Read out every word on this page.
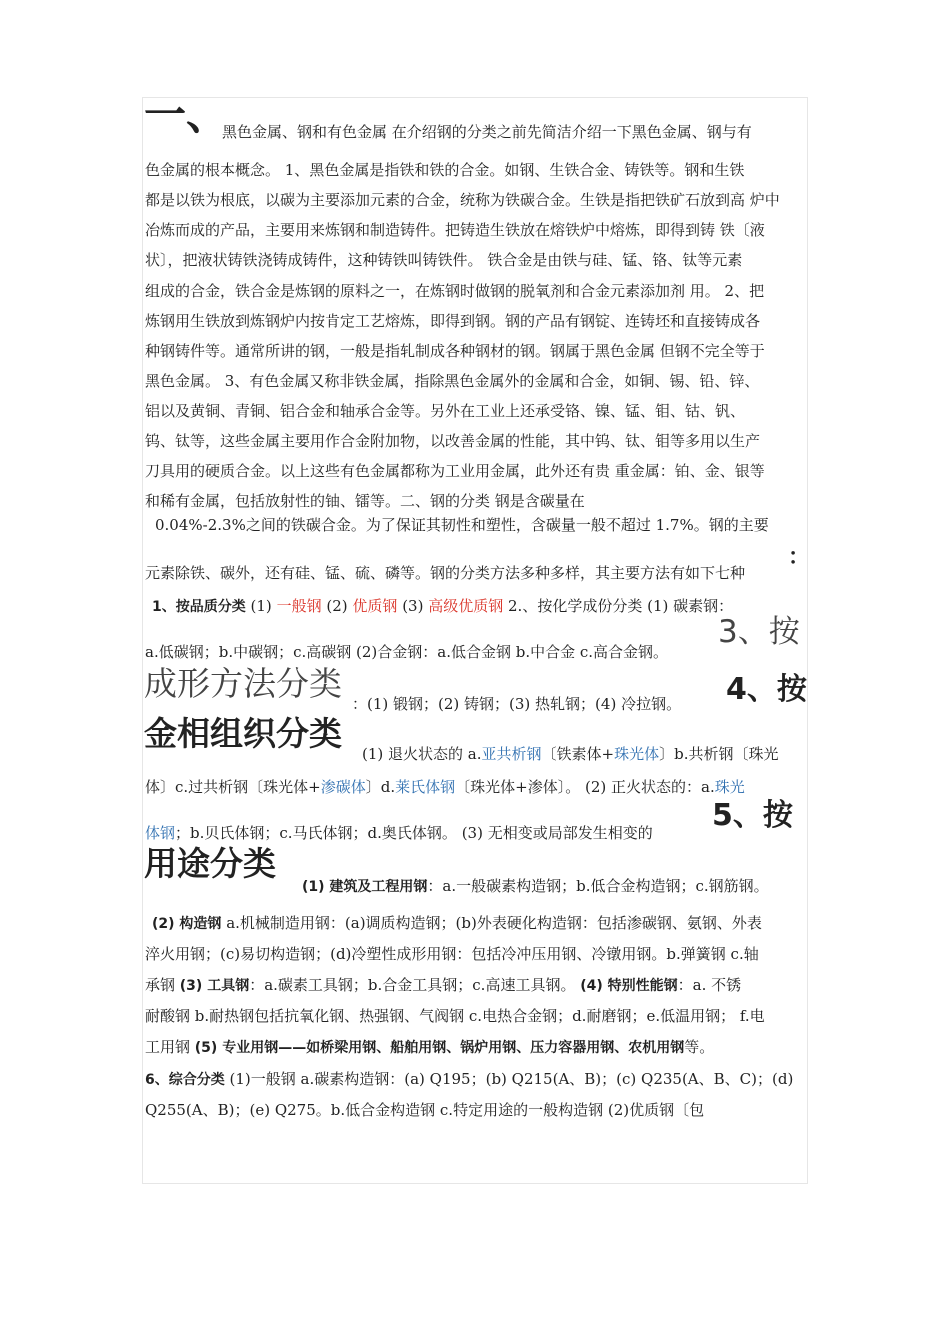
一、
黑色金属、钢和有色金属 在介绍钢的分类之前先简洁介绍一下黑色金属、钢与有
色金属的根本概念。 1、黑色金属是指铁和铁的合金。如钢、生铁合金、铸铁等。钢和生铁
都是以铁为根底，以碳为主要添加元素的合金，统称为铁碳合金。生铁是指把铁矿石放到高 炉中
冶炼而成的产品，主要用来炼钢和制造铸件。把铸造生铁放在熔铁炉中熔炼，即得到铸 铁〔液
状〕，把液状铸铁浇铸成铸件，这种铸铁叫铸铁件。 铁合金是由铁与硅、锰、铬、钛等元素
组成的合金，铁合金是炼钢的原料之一，在炼钢时做钢的脱氧剂和合金元素添加剂 用。 2、把
炼钢用生铁放到炼钢炉内按肯定工艺熔炼，即得到钢。钢的产品有钢锭、连铸坯和直接铸成各
种钢铸件等。通常所讲的钢，一般是指轧制成各种钢材的钢。钢属于黑色金属 但钢不完全等于
黑色金属。 3、有色金属又称非铁金属，指除黑色金属外的金属和合金，如铜、锡、铅、锌、
铝以及黄铜、青铜、铝合金和轴承合金等。另外在工业上还承受铬、镍、锰、钼、钴、钒、
钨、钛等，这些金属主要用作合金附加物，以改善金属的性能，其中钨、钛、钼等多用以生产
刀具用的硬质合金。以上这些有色金属都称为工业用金属，此外还有贵 重金属：铂、金、银等
和稀有金属，包括放射性的铀、镭等。二、钢的分类 钢是含碳量在
0.04%-2.3%之间的铁碳合金。为了保证其韧性和塑性，含碳量一般不超过 1.7%。钢的主要
：
元素除铁、碳外，还有硅、锰、硫、磷等。钢的分类方法多种多样，其主要方法有如下七种
1、按品质分类 (1) 一般钢 (2) 优质钢 (3) 高级优质钢 2.、按化学成份分类 (1) 碳素钢：
3、按
a.低碳钢；b.中碳钢；c.高碳钢 (2)合金钢：a.低合金钢 b.中合金 c.高合金钢。
成形方法分类	4、按
：(1) 锻钢；(2) 铸钢；(3) 热轧钢；(4) 冷拉钢。
金相组织分类
(1) 退火状态的 a.亚共析钢〔铁素体+珠光体〕b.共析钢〔珠光
体〕c.过共析钢〔珠光体+渗碳体〕d.莱氏体钢〔珠光体+渗体〕。 (2) 正火状态的：a.珠光
5、按
体钢；b.贝氏体钢；c.马氏体钢；d.奥氏体钢。 (3) 无相变或局部发生相变的
用途分类
(1) 建筑及工程用钢：a.一般碳素构造钢；b.低合金构造钢；c.钢筋钢。
(2) 构造钢 a.机械制造用钢：(a)调质构造钢；(b)外表硬化构造钢：包括渗碳钢、氨钢、外表
淬火用钢；(c)易切构造钢；(d)冷塑性成形用钢：包括冷冲压用钢、冷镦用钢。b.弹簧钢 c.轴
承钢 (3) 工具钢：a.碳素工具钢；b.合金工具钢；c.高速工具钢。 (4) 特别性能钢：a. 不锈
耐酸钢 b.耐热钢包括抗氧化钢、热强钢、气阀钢 c.电热合金钢；d.耐磨钢；e.低温用钢； f.电
工用钢 (5) 专业用钢——如桥梁用钢、船舶用钢、锅炉用钢、压力容器用钢、农机用钢等。
6、综合分类 (1)一般钢 a.碳素构造钢：(a) Q195；(b) Q215(A、B)；(c) Q235(A、B、C)；(d)
Q255(A、B)；(e) Q275。b.低合金构造钢 c.特定用途的一般构造钢 (2)优质钢〔包
